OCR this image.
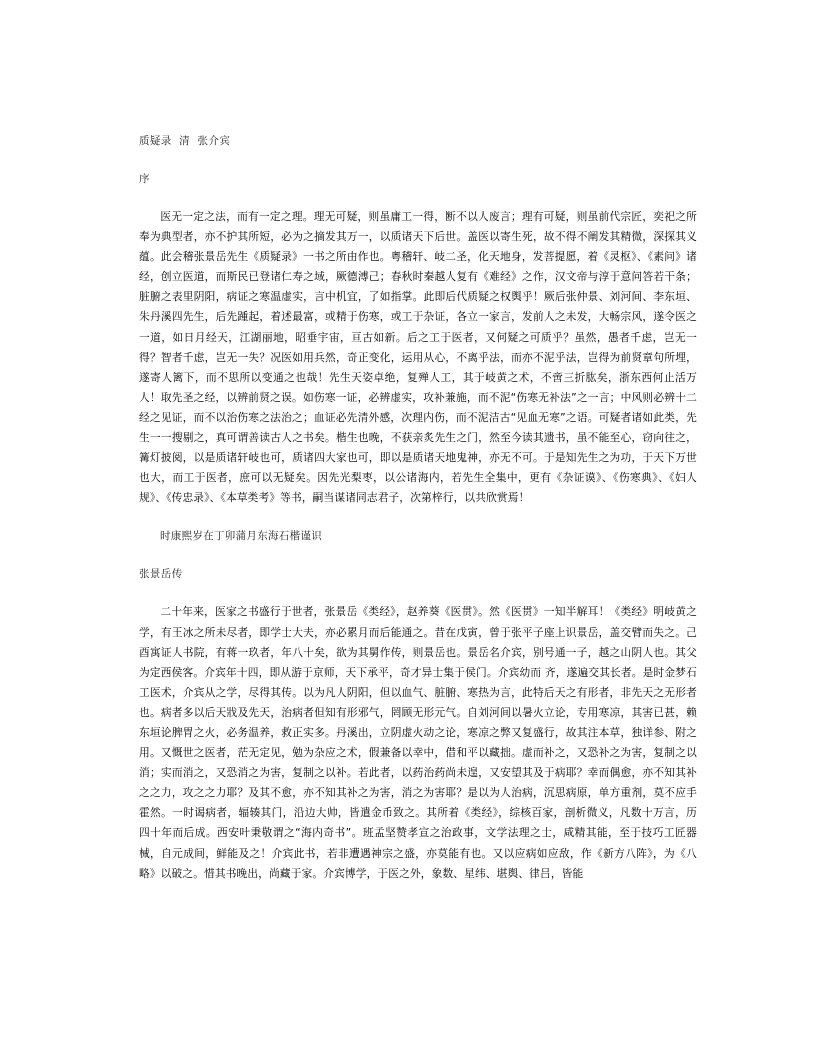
质疑录  清  张介宾
序

医无一定之法，而有一定之理。理无可疑，则虽庸工一得，断不以人废言；理有可疑，则虽前代宗匠，奕祀之所奉为典型者，亦不护其所短，必为之摘发其万一，以质诸天下后世。盖医以寄生死，故不得不阐发其精微，深探其义蕴。此会稽张景岳先生《质疑录》一书之所由作也。粤稽轩、岐二圣，化天地身，发菩提愿，着《灵枢》、《素问》诸经，创立医道，而斯民已登诸仁寿之域，厥德溥己；春秋时秦越人复有《难经》之作，汉文帝与淳于意问答若干条；脏腑之表里阴阳，病证之寒温虚实，言中机宜，了如指掌。此即后代质疑之权舆乎！厥后张仲景、刘河间、李东垣、朱丹溪四先生，后先踵起，着述最富，或精于伤寒，或工于杂证，各立一家言，发前人之未发，大畅宗风，遂令医之一道，如日月经天，江湖丽地，昭垂宇宙，亘古如新。后之工于医者，又何疑之可质乎？虽然，愚者千虑，岂无一得？智者千虑，岂无一失？况医如用兵然，奇正变化，运用从心，不离乎法，而亦不泥乎法，岂得为前贤章句所埋，遂寄人篱下，而不思所以变通之也哉！先生天姿卓绝，复殚人工，其于岐黄之术，不啻三折肱矣，浙东西何止活万人！取先圣之经，以辨前贤之误。如伤寒一证，必辨虚实，攻补兼施，而不泥“伤寒无补法”之一言；中风则必辨十二经之见证，而不以治伤寒之法治之；血证必先清外感，次理内伤，而不泥洁古“见血无寒”之语。可疑者诸如此类，先生一一搜剔之，真可谓善读古人之书矣。楷生也晚，不获亲炙先生之门，然至今读其遗书，虽不能至心，窃向往之，篝灯披阅，以是质诸轩岐也可，质诸四大家也可，即以是质诸天地鬼神，亦无不可。于是知先生之为功，于天下万世也大，而工于医者，庶可以无疑矣。因先光梨枣，以公诸海内，若先生全集中，更有《杂证谟》、《伤寒典》、《妇人规》、《传忠录》、《本草类考》等书，嗣当谋诸同志君子，次第梓行，以共欣赏焉！

时康熙岁在丁卯蒲月东海石楷谨识
张景岳传

二十年来，医家之书盛行于世者，张景岳《类经》，赵养葵《医贯》。然《医贯》一知半解耳！《类经》明岐黄之学，有王冰之所未尽者，即学士大夫，亦必累月而后能通之。昔在戊寅，曾于张平子座上识景岳，盖交臂而失之。己酉寓证人书院，有蒋一玖者，年八十矣，欲为其舅作传，则景岳也。景岳名介宾，别号通一子，越之山阴人也。其父为定西侯客。介宾年十四，即从游于京师，天下承平，奇才异士集于侯门。介宾幼而 齐，遂遍交其长者。是时金梦石工医术，介宾从之学，尽得其传。以为凡人阴阳，但以血气、脏腑、寒热为言，此特后天之有形者，非先天之无形者也。病者多以后天戕及先天，治病者但知有形邪气，罔顾无形元气。自刘河间以暑火立论，专用寒凉，其害已甚，赖东垣论脾胃之火，必务温养，救正实多。丹溪出，立阴虚火动之论，寒凉之弊又复盛行，故其注本草，独详参、附之用。又慨世之医者，茫无定见，勉为杂应之术，假兼备以幸中，借和平以藏拙。虚而补之，又恐补之为害，复制之以消；实而消之，又恐消之为害，复制之以补。若此者，以药治药尚未遑，又安望其及于病耶？幸而偶愈，亦不知其补之之力，攻之之力耶？及其不愈，亦不知其补之为害，消之为害耶？是以为人治病，沉思病原，单方重剂，莫不应手霍然。一时谒病者，辐辏其门，沿边大帅，皆遣金币致之。其所着《类经》，综核百家，剖析微义，凡数十万言，历四十年而后成。西安叶秉敬谓之“海内奇书”。班孟坚赞孝宣之治政事，文学法理之士，咸精其能，至于技巧工匠器械，自元成间，鲜能及之！介宾此书，若非遭遇神宗之盛，亦莫能有也。又以应病如应敌，作《新方八阵》，为《八略》以破之。惜其书晚出，尚藏于家。介宾博学，于医之外，象数、星纬、堪舆、律吕，皆能
